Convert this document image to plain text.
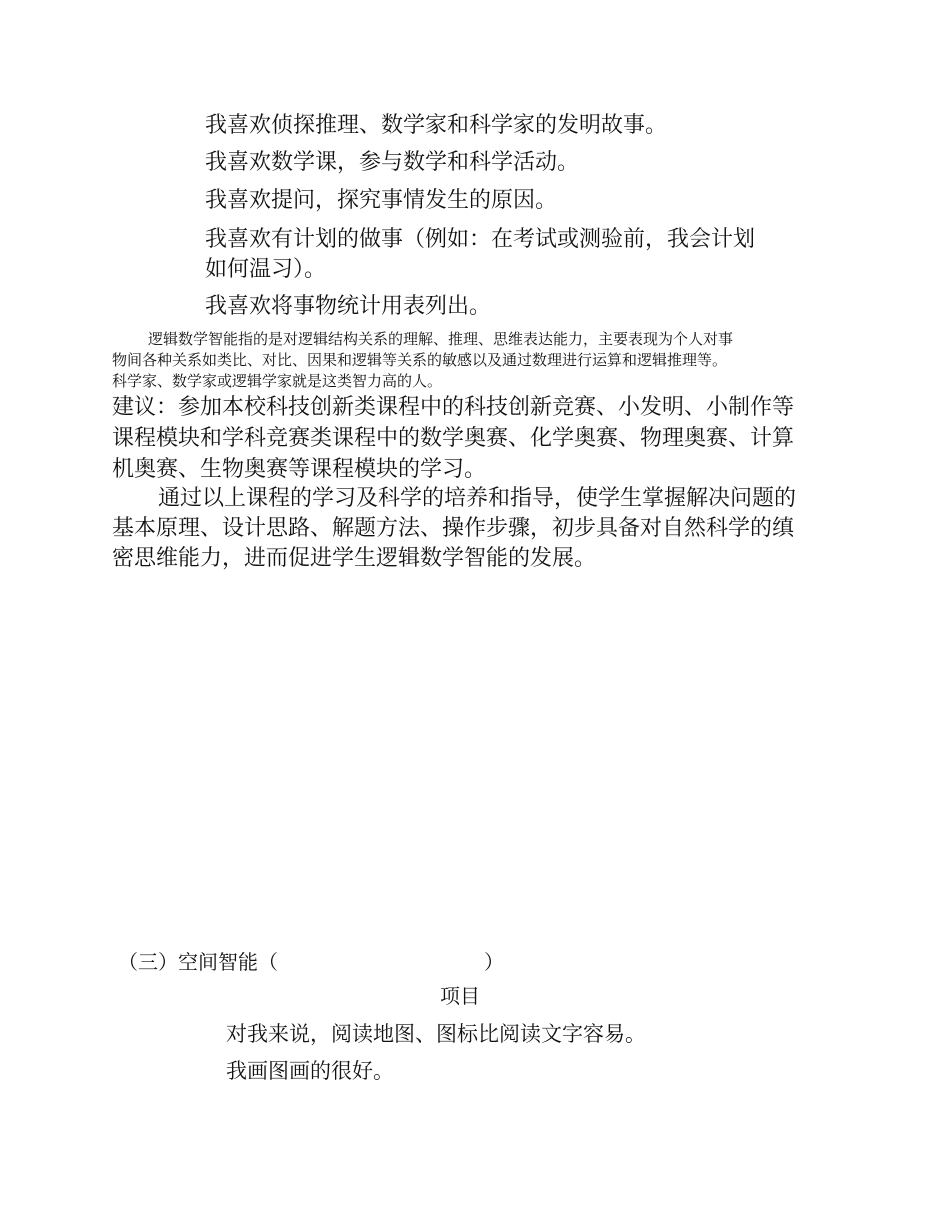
我喜欢侦探推理、数学家和科学家的发明故事。
我喜欢数学课，参与数学和科学活动。
我喜欢提问，探究事情发生的原因。
我喜欢有计划的做事（例如：在考试或测验前，我会计划
如何温习）。
我喜欢将事物统计用表列出。
逻辑数学智能指的是对逻辑结构关系的理解、推理、思维表达能力，主要表现为个人对事
物间各种关系如类比、对比、因果和逻辑等关系的敏感以及通过数理进行运算和逻辑推理等。
科学家、数学家或逻辑学家就是这类智力高的人。
建议：参加本校科技创新类课程中的科技创新竞赛、小发明、小制作等
课程模块和学科竞赛类课程中的数学奥赛、化学奥赛、物理奥赛、计算
机奥赛、生物奥赛等课程模块的学习。
通过以上课程的学习及科学的培养和指导，使学生掌握解决问题的
基本原理、设计思路、解题方法、操作步骤，初步具备对自然科学的缜
密思维能力，进而促进学生逻辑数学智能的发展。
（三）空间智能（	）
项目
对我来说，阅读地图、图标比阅读文字容易。
我画图画的很好。
